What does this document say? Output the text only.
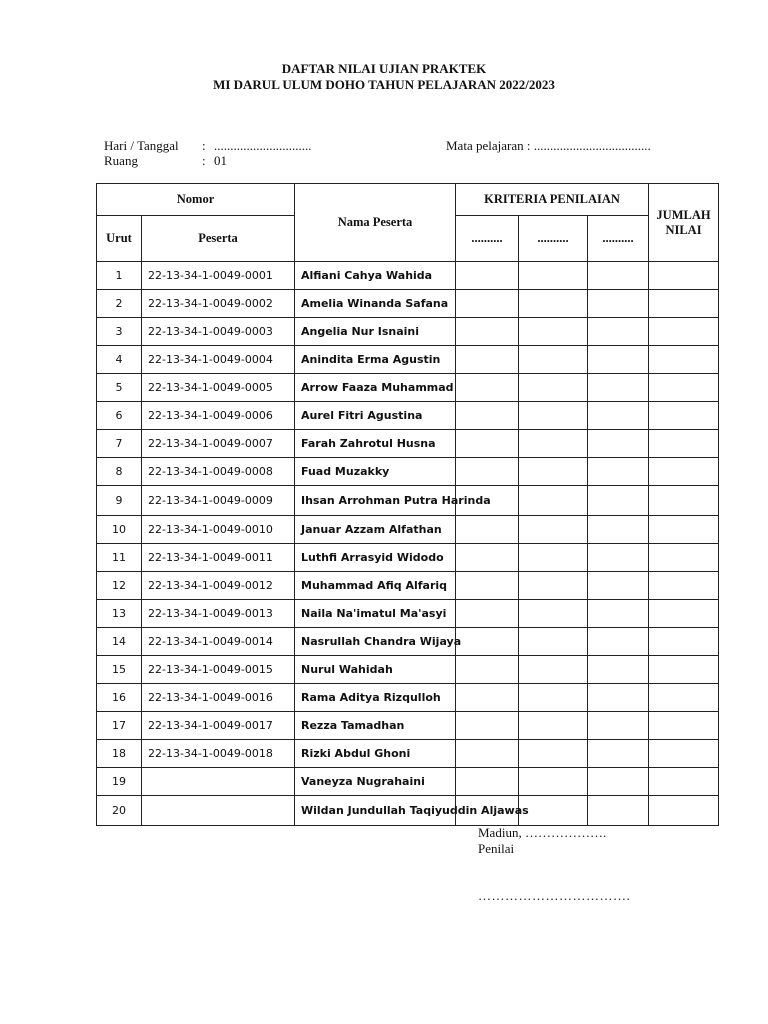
DAFTAR NILAI UJIAN PRAKTEK
MI DARUL ULUM DOHO TAHUN PELAJARAN 2022/2023
Hari / Tanggal : ..............................
Ruang	: 01
Mata pelajaran : ....................................
Nomor		Nama Peserta	KRITERIA PENILAIAN			JUMLAH
NILAI

Urut	Peserta		..........	..........	..........	
1	22-13-34-1-0049-0001	Alfiani Cahya Wahida				
2	22-13-34-1-0049-0002	Amelia Winanda Safana				
3	22-13-34-1-0049-0003	Angelia Nur Isnaini				
4	22-13-34-1-0049-0004	Anindita Erma Agustin				
5	22-13-34-1-0049-0005	Arrow Faaza Muhammad				
6	22-13-34-1-0049-0006	Aurel Fitri Agustina				
7	22-13-34-1-0049-0007	Farah Zahrotul Husna				
8	22-13-34-1-0049-0008	Fuad Muzakky				
9	22-13-34-1-0049-0009	Ihsan Arrohman Putra Harinda				
10	22-13-34-1-0049-0010	Januar Azzam Alfathan				
11	22-13-34-1-0049-0011	Luthfi Arrasyid Widodo				
12	22-13-34-1-0049-0012	Muhammad Afiq Alfariq				
13	22-13-34-1-0049-0013	Naila Na'imatul Ma'asyi				
14	22-13-34-1-0049-0014	Nasrullah Chandra Wijaya				
15	22-13-34-1-0049-0015	Nurul Wahidah				
16	22-13-34-1-0049-0016	Rama Aditya Rizqulloh				
17	22-13-34-1-0049-0017	Rezza Tamadhan				
18	22-13-34-1-0049-0018	Rizki Abdul Ghoni				
19		Vaneyza Nugrahaini				
20		Wildan Jundullah Taqiyuddin Aljawas				
Madiun, ……………….
Penilai
…………………………….
